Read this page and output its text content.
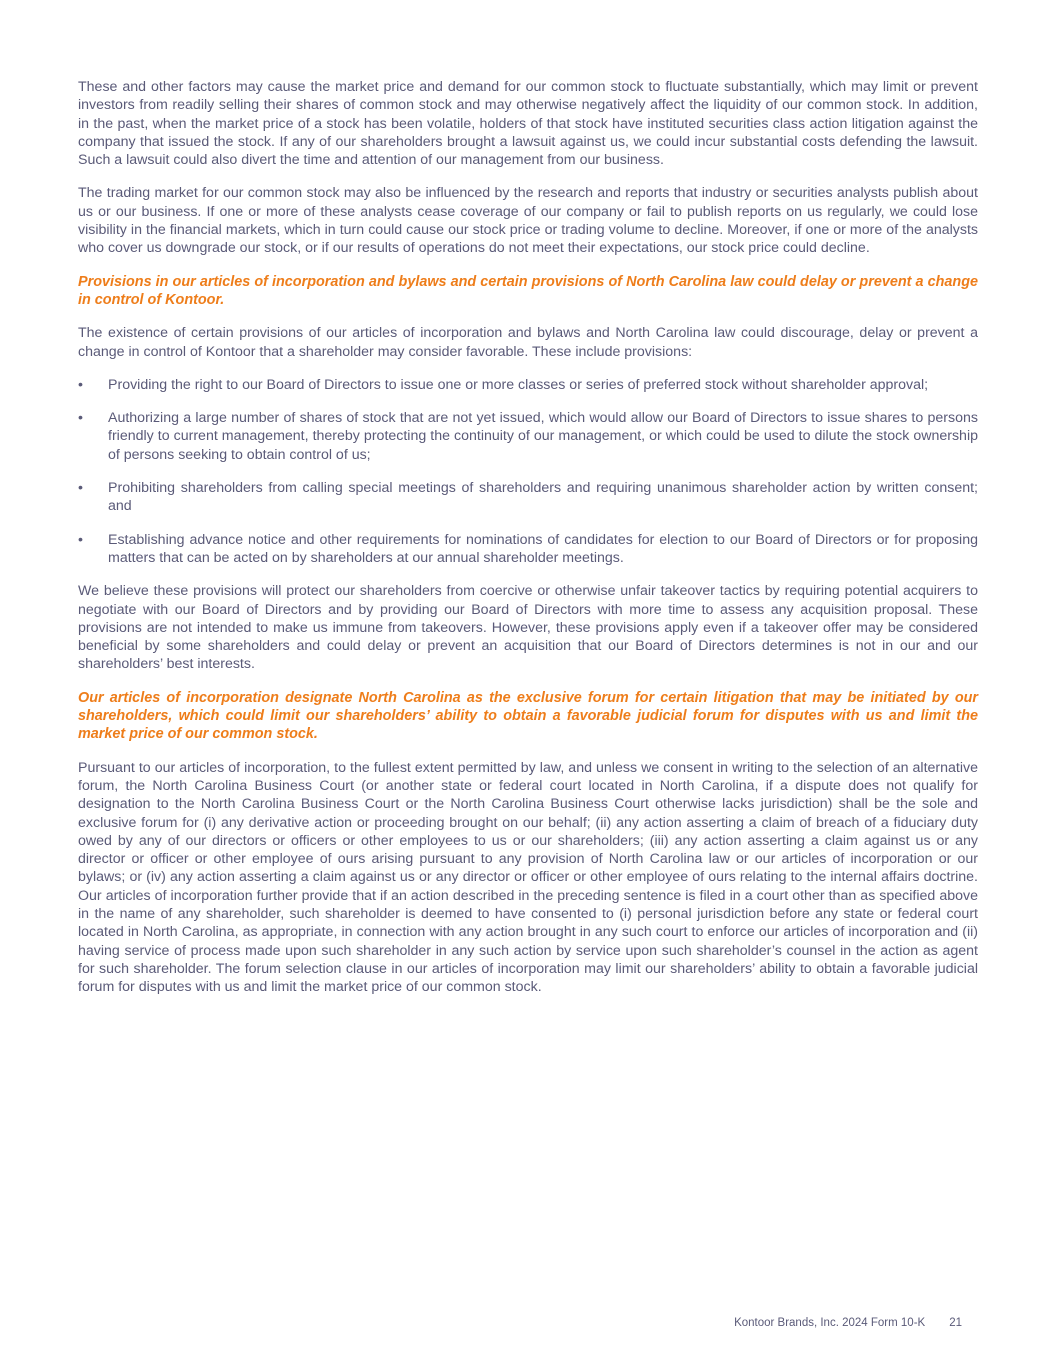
These and other factors may cause the market price and demand for our common stock to fluctuate substantially, which may limit or prevent investors from readily selling their shares of common stock and may otherwise negatively affect the liquidity of our common stock. In addition, in the past, when the market price of a stock has been volatile, holders of that stock have instituted securities class action litigation against the company that issued the stock. If any of our shareholders brought a lawsuit against us, we could incur substantial costs defending the lawsuit. Such a lawsuit could also divert the time and attention of our management from our business.

The trading market for our common stock may also be influenced by the research and reports that industry or securities analysts publish about us or our business. If one or more of these analysts cease coverage of our company or fail to publish reports on us regularly, we could lose visibility in the financial markets, which in turn could cause our stock price or trading volume to decline. Moreover, if one or more of the analysts who cover us downgrade our stock, or if our results of operations do not meet their expectations, our stock price could decline.

Provisions in our articles of incorporation and bylaws and certain provisions of North Carolina law could delay or prevent a change in control of Kontoor.

The existence of certain provisions of our articles of incorporation and bylaws and North Carolina law could discourage, delay or prevent a change in control of Kontoor that a shareholder may consider favorable. These include provisions:

• Providing the right to our Board of Directors to issue one or more classes or series of preferred stock without shareholder approval;
• Authorizing a large number of shares of stock that are not yet issued, which would allow our Board of Directors to issue shares to persons friendly to current management, thereby protecting the continuity of our management, or which could be used to dilute the stock ownership of persons seeking to obtain control of us;
• Prohibiting shareholders from calling special meetings of shareholders and requiring unanimous shareholder action by written consent; and
• Establishing advance notice and other requirements for nominations of candidates for election to our Board of Directors or for proposing matters that can be acted on by shareholders at our annual shareholder meetings.

We believe these provisions will protect our shareholders from coercive or otherwise unfair takeover tactics by requiring potential acquirers to negotiate with our Board of Directors and by providing our Board of Directors with more time to assess any acquisition proposal. These provisions are not intended to make us immune from takeovers. However, these provisions apply even if a takeover offer may be considered beneficial by some shareholders and could delay or prevent an acquisition that our Board of Directors determines is not in our and our shareholders’ best interests.

Our articles of incorporation designate North Carolina as the exclusive forum for certain litigation that may be initiated by our shareholders, which could limit our shareholders’ ability to obtain a favorable judicial forum for disputes with us and limit the market price of our common stock.

Pursuant to our articles of incorporation, to the fullest extent permitted by law, and unless we consent in writing to the selection of an alternative forum, the North Carolina Business Court (or another state or federal court located in North Carolina, if a dispute does not qualify for designation to the North Carolina Business Court or the North Carolina Business Court otherwise lacks jurisdiction) shall be the sole and exclusive forum for (i) any derivative action or proceeding brought on our behalf; (ii) any action asserting a claim of breach of a fiduciary duty owed by any of our directors or officers or other employees to us or our shareholders; (iii) any action asserting a claim against us or any director or officer or other employee of ours arising pursuant to any provision of North Carolina law or our articles of incorporation or our bylaws; or (iv) any action asserting a claim against us or any director or officer or other employee of ours relating to the internal affairs doctrine. Our articles of incorporation further provide that if an action described in the preceding sentence is filed in a court other than as specified above in the name of any shareholder, such shareholder is deemed to have consented to (i) personal jurisdiction before any state or federal court located in North Carolina, as appropriate, in connection with any action brought in any such court to enforce our articles of incorporation and (ii) having service of process made upon such shareholder in any such action by service upon such shareholder’s counsel in the action as agent for such shareholder. The forum selection clause in our articles of incorporation may limit our shareholders’ ability to obtain a favorable judicial forum for disputes with us and limit the market price of our common stock.

Kontoor Brands, Inc. 2024 Form 10-K 21
